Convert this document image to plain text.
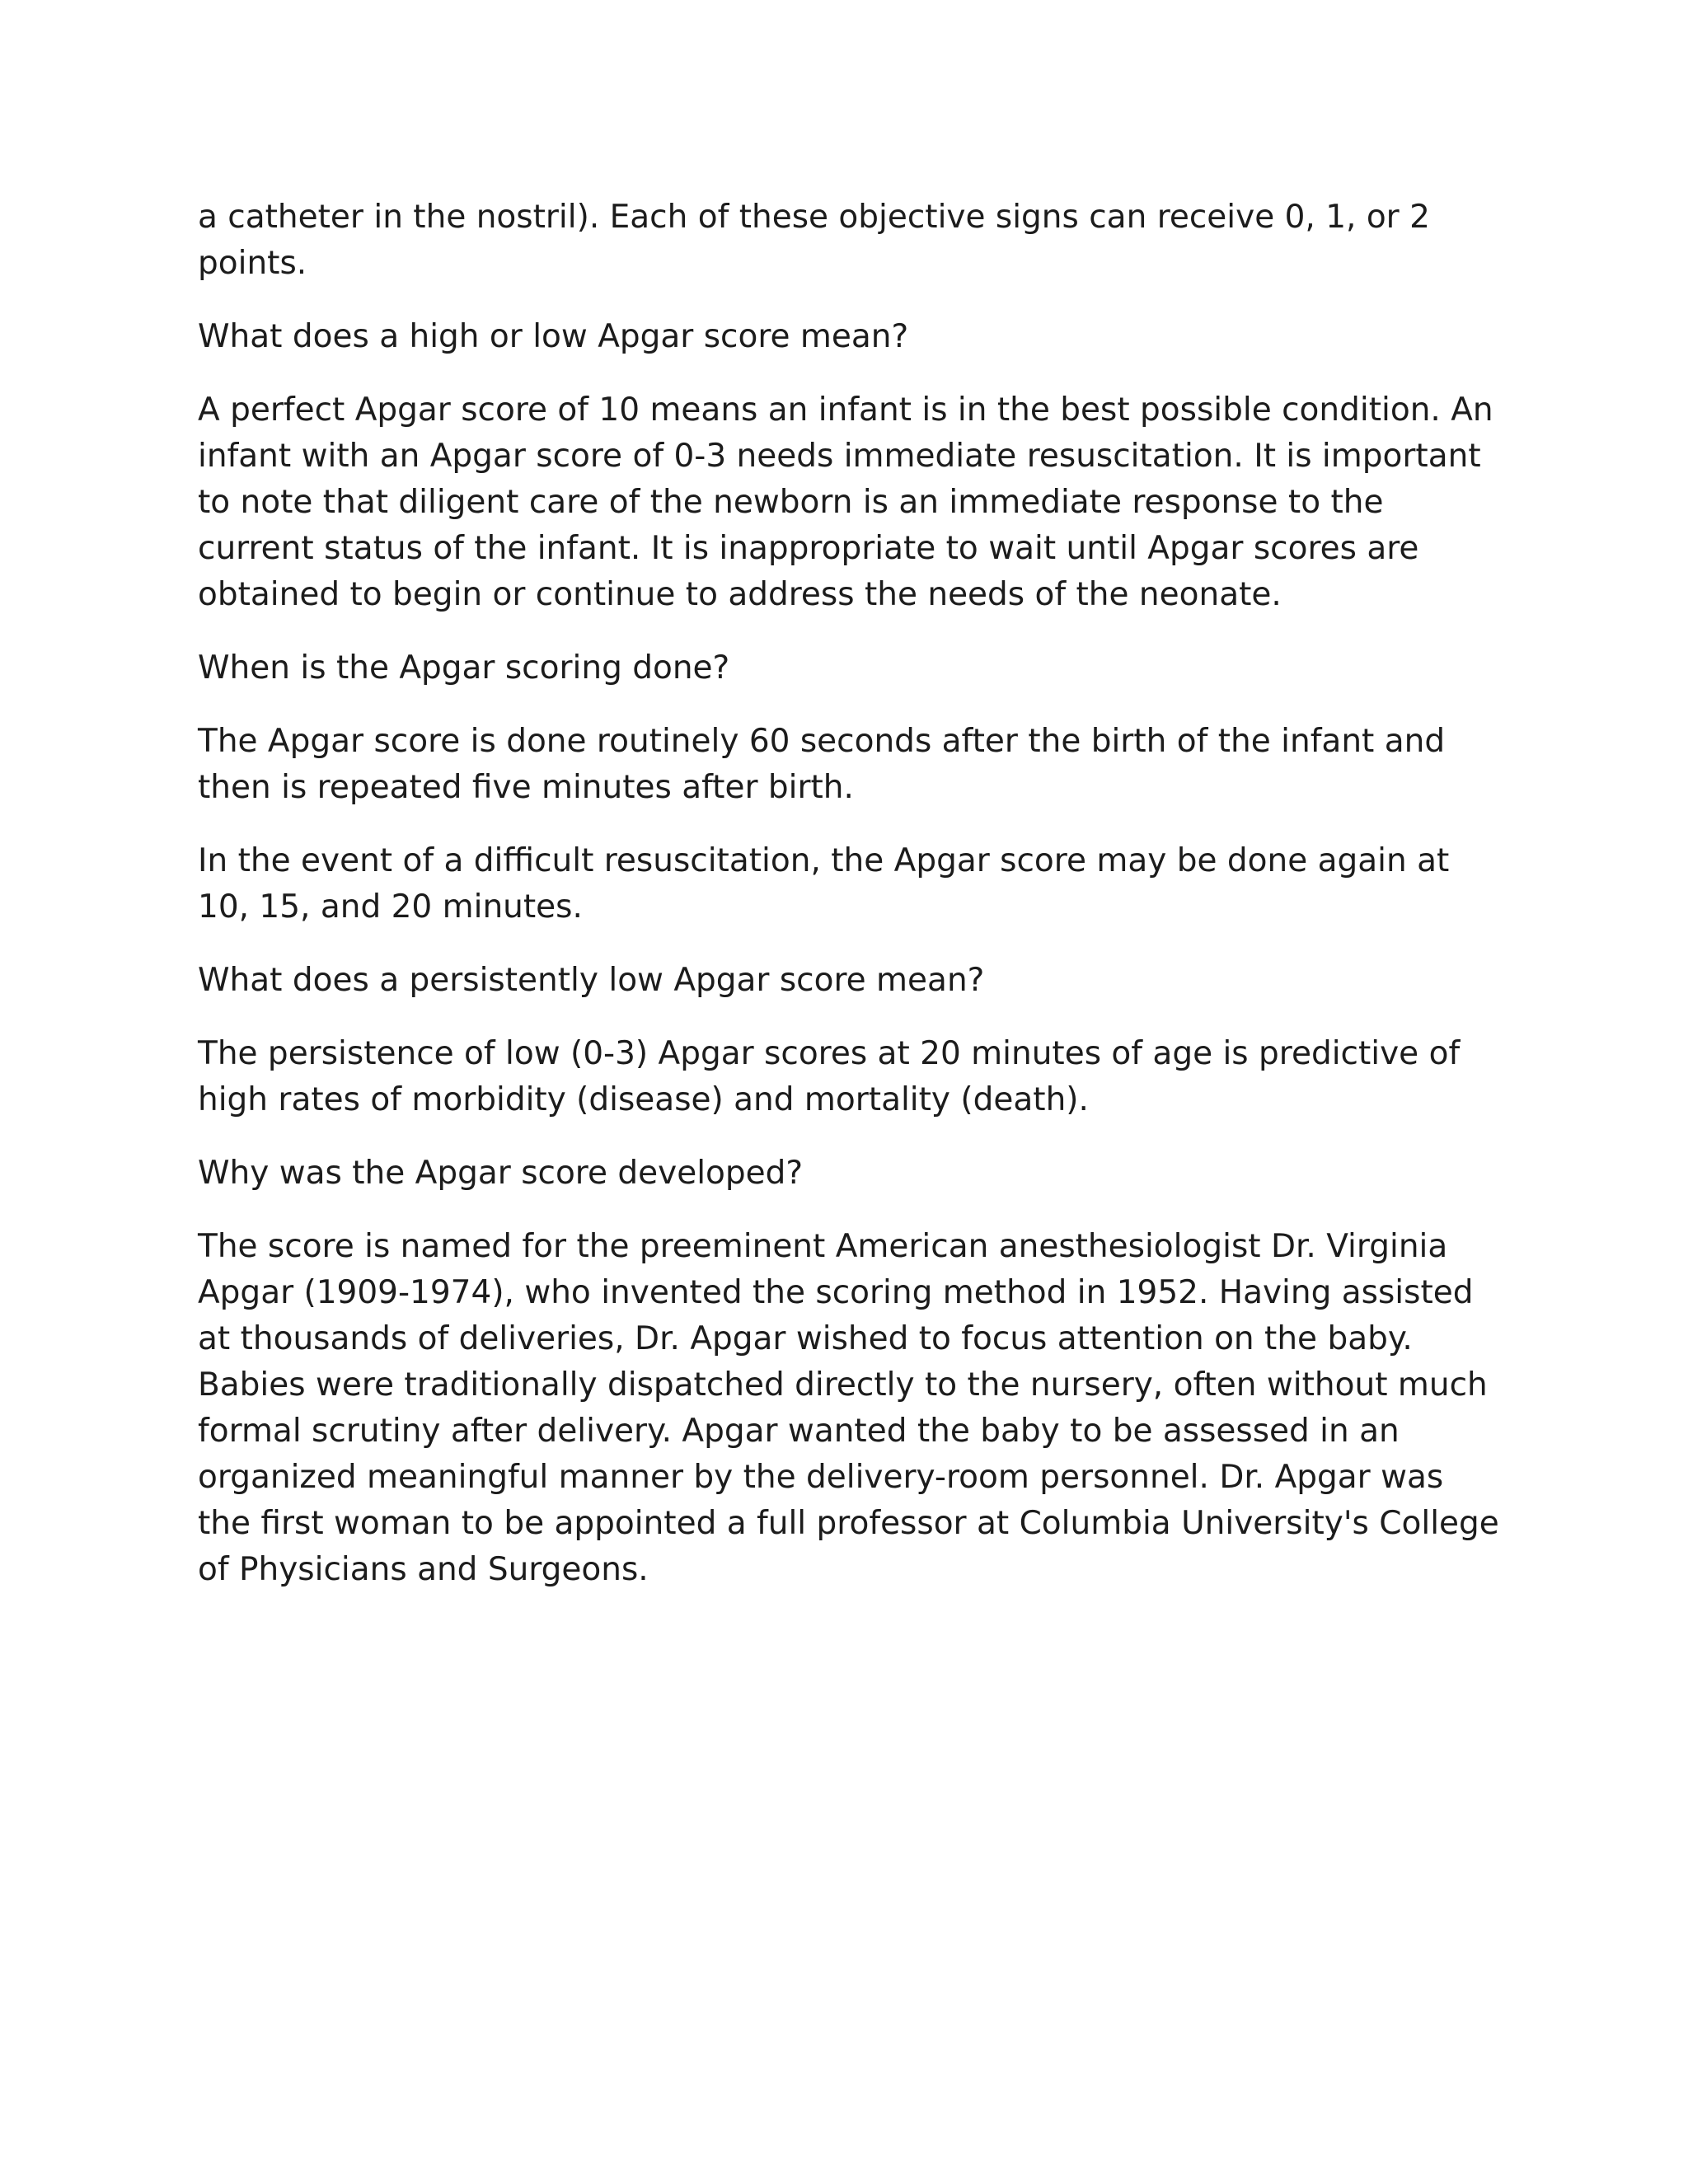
a catheter in the nostril). Each of these objective signs can receive 0, 1, or 2 points.

What does a high or low Apgar score mean?

A perfect Apgar score of 10 means an infant is in the best possible condition. An infant with an Apgar score of 0-3 needs immediate resuscitation. It is important to note that diligent care of the newborn is an immediate response to the current status of the infant. It is inappropriate to wait until Apgar scores are obtained to begin or continue to address the needs of the neonate.

When is the Apgar scoring done?

The Apgar score is done routinely 60 seconds after the birth of the infant and then is repeated five minutes after birth.

In the event of a difficult resuscitation, the Apgar score may be done again at 10, 15, and 20 minutes.

What does a persistently low Apgar score mean?

The persistence of low (0-3) Apgar scores at 20 minutes of age is predictive of high rates of morbidity (disease) and mortality (death).

Why was the Apgar score developed?

The score is named for the preeminent American anesthesiologist Dr. Virginia Apgar (1909-1974), who invented the scoring method in 1952. Having assisted at thousands of deliveries, Dr. Apgar wished to focus attention on the baby. Babies were traditionally dispatched directly to the nursery, often without much formal scrutiny after delivery. Apgar wanted the baby to be assessed in an organized meaningful manner by the delivery-room personnel. Dr. Apgar was the first woman to be appointed a full professor at Columbia University's College of Physicians and Surgeons.
